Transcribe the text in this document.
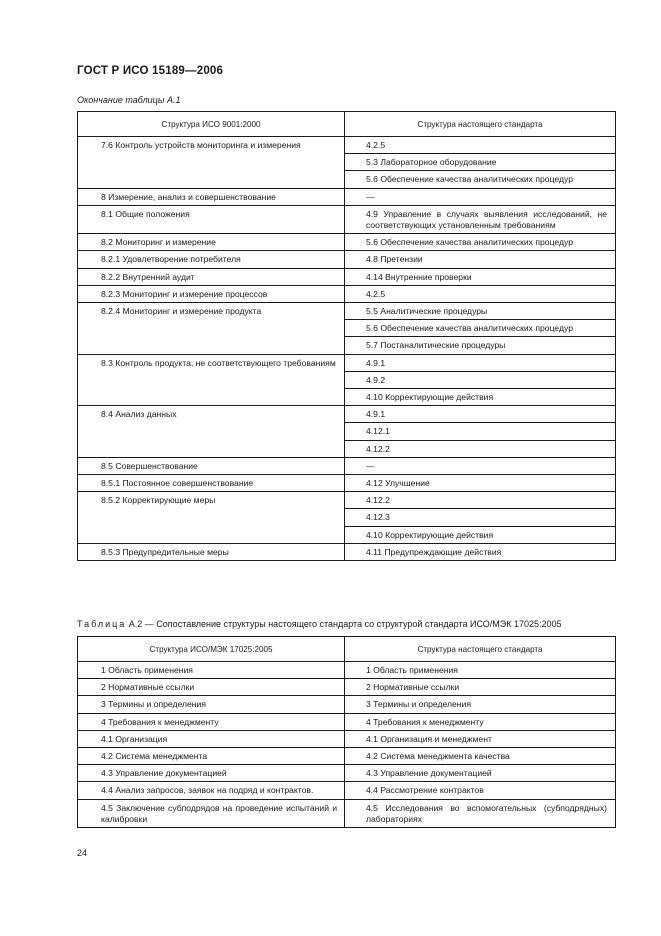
ГОСТ Р ИСО 15189—2006
Окончание таблицы А.1
Структура ИСО 9001:2000	Структура настоящего стандарта
7.6 Контроль устройств мониторинга и измерения	4.2.5
	5.3 Лабораторное оборудование
	5.6 Обеспечение качества аналитических процедур
8 Измерение, анализ и совершенствование	—
8.1 Общие положения	4.9 Управление в случаях выявления исследований, не соответствующих установленным требованиям
8.2 Мониторинг и измерение	5.6 Обеспечение качества аналитических процедур
8.2.1 Удовлетворение потребителя	4.8 Претензии
8.2.2 Внутренний аудит	4.14 Внутренние проверки
8.2.3 Мониторинг и измерение процессов	4.2.5
8.2.4 Мониторинг и измерение продукта	5.5 Аналитические процедуры
	5.6 Обеспечение качества аналитических процедур
	5.7 Постаналитические процедуры
8.3 Контроль продукта, не соответствующего требованиям	4.9.1
	4.9.2
	4.10 Корректирующие действия
8.4 Анализ данных	4.9.1
	4.12.1
	4.12.2
8.5 Совершенствование	—
8.5.1 Постоянное совершенствование	4.12 Улучшение
8.5.2 Корректирующие меры	4.12.2
	4.12.3
	4.10 Корректирующие действия
8.5.3 Предупредительные меры	4.11 Предупреждающие действия
Таблица А.2 — Сопоставление структуры настоящего стандарта со структурой стандарта ИСО/МЭК 17025:2005
Структура ИСО/МЭК 17025:2005	Структура настоящего стандарта
1 Область применения	1 Область применения
2 Нормативные ссылки	2 Нормативные ссылки
3 Термины и определения	3 Термины и определения
4 Требования к менеджменту	4 Требования к менеджменту
4.1 Организация	4.1 Организация и менеджмент
4.2 Система менеджмента	4.2 Система менеджмента качества
4.3 Управление документацией	4.3 Управление документацией
4.4 Анализ запросов, заявок на подряд и контрактов.	4.4 Рассмотрение контрактов
4.5 Заключение субподрядов на проведение испытаний и калибровки	4.5 Исследования во вспомогательных (субподрядных) лабораториях
24
